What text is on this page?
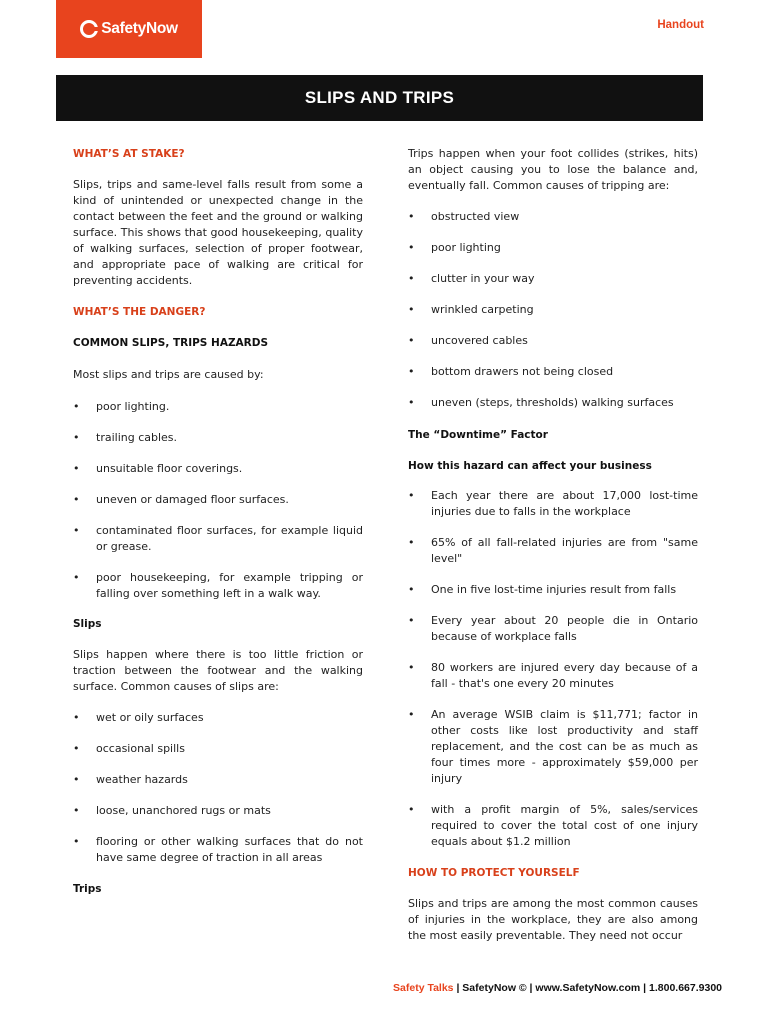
SafetyNow	Handout
SLIPS AND TRIPS
WHAT’S AT STAKE?

Slips, trips and same-level falls result from some a kind of unintended or unexpected change in the contact between the feet and the ground or walking surface. This shows that good housekeeping, quality of walking surfaces, selection of proper footwear, and appropriate pace of walking are critical for preventing accidents.

WHAT’S THE DANGER?
COMMON SLIPS, TRIPS HAZARDS

Most slips and trips are caused by:

• poor lighting.
• trailing cables.
• unsuitable floor coverings.
• uneven or damaged floor surfaces.
• contaminated floor surfaces, for example liquid or grease.
• poor housekeeping, for example tripping or falling over something left in a walk way.
Slips

Slips happen where there is too little friction or traction between the footwear and the walking surface. Common causes of slips are:

• wet or oily surfaces
• occasional spills
• weather hazards
• loose, unanchored rugs or mats
• flooring or other walking surfaces that do not have same degree of traction in all areas
Trips

Trips happen when your foot collides (strikes, hits) an object causing you to lose the balance and, eventually fall. Common causes of tripping are:

• obstructed view
• poor lighting
• clutter in your way
• wrinkled carpeting
• uncovered cables
• bottom drawers not being closed
• uneven (steps, thresholds) walking surfaces
The “Downtime” Factor
How this hazard can affect your business
• Each year there are about 17,000 lost-time injuries due to falls in the workplace
• 65% of all fall-related injuries are from "same level"
• One in five lost-time injuries result from falls
• Every year about 20 people die in Ontario because of workplace falls
• 80 workers are injured every day because of a fall - that's one every 20 minutes
• An average WSIB claim is $11,771; factor in other costs like lost productivity and staff replacement, and the cost can be as much as four times more - approximately $59,000 per injury
• with a profit margin of 5%, sales/services required to cover the total cost of one injury equals about $1.2 million
HOW TO PROTECT YOURSELF

Slips and trips are among the most common causes of injuries in the workplace, they are also among the most easily preventable. They need not occur

Safety Talks | SafetyNow © | www.SafetyNow.com | 1.800.667.9300
